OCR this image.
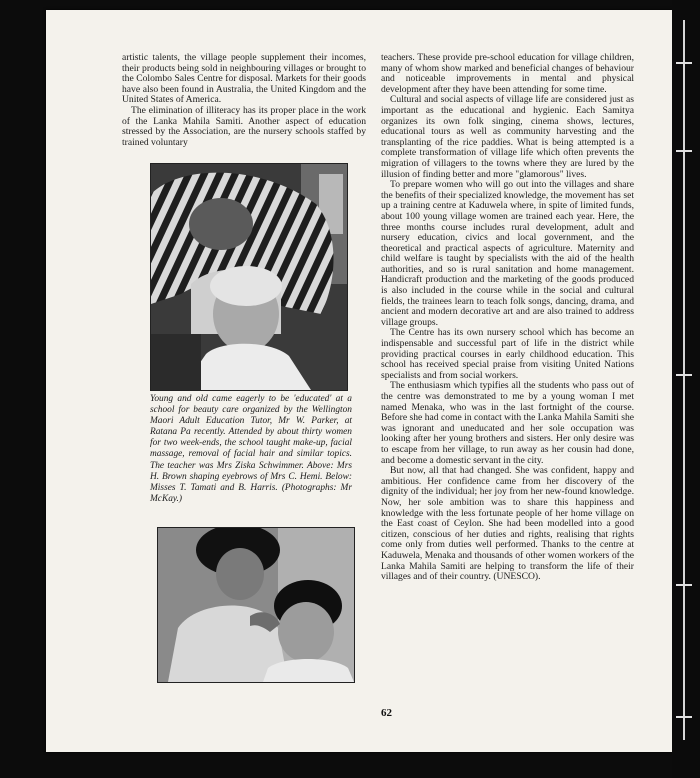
artistic talents, the village people supplement their incomes, their products being sold in neighbouring villages or brought to the Colombo Sales Centre for disposal. Markets for their goods have also been found in Australia, the United Kingdom and the United States of America.

The elimination of illiteracy has its proper place in the work of the Lanka Mahila Samiti. Another aspect of education stressed by the Association, are the nursery schools staffed by trained voluntary

Young and old came eagerly to be 'educated' at a school for beauty care organized by the Wellington Maori Adult Education Tutor, Mr W. Parker, at Ratana Pa recently. Attended by about thirty women for two week-ends, the school taught make-up, facial massage, removal of facial hair and similar topics. The teacher was Mrs Ziska Schwimmer. Above: Mrs H. Brown shaping eyebrows of Mrs C. Hemi. Below: Misses T. Tamati and B. Harris. (Photographs: Mr McKay.)

teachers. These provide pre-school education for village children, many of whom show marked and beneficial changes of behaviour and noticeable improvements in mental and physical development after they have been attending for some time.

Cultural and social aspects of village life are considered just as important as the educational and hygienic. Each Samitya organizes its own folk singing, cinema shows, lectures, educational tours as well as community harvesting and the transplanting of the rice paddies. What is being attempted is a complete transformation of village life which often prevents the migration of villagers to the towns where they are lured by the illusion of finding better and more "glamorous" lives.

To prepare women who will go out into the villages and share the benefits of their specialized knowledge, the movement has set up a training centre at Kaduwela where, in spite of limited funds, about 100 young village women are trained each year. Here, the three months course includes rural development, adult and nursery education, civics and local government, and the theoretical and practical aspects of agriculture. Maternity and child welfare is taught by specialists with the aid of the health authorities, and so is rural sanitation and home management. Handicraft production and the marketing of the goods produced is also included in the course while in the social and cultural fields, the trainees learn to teach folk songs, dancing, drama, and ancient and modern decorative art and are also trained to address village groups.

The Centre has its own nursery school which has become an indispensable and successful part of life in the district while providing practical courses in early childhood education. This school has received special praise from visiting United Nations specialists and from social workers.

The enthusiasm which typifies all the students who pass out of the centre was demonstrated to me by a young woman I met named Menaka, who was in the last fortnight of the course. Before she had come in contact with the Lanka Mahila Samiti she was ignorant and uneducated and her sole occupation was looking after her young brothers and sisters. Her only desire was to escape from her village, to run away as her cousin had done, and become a domestic servant in the city.

But now, all that had changed. She was confident, happy and ambitious. Her confidence came from her discovery of the dignity of the individual; her joy from her new-found knowledge. Now, her sole ambition was to share this happiness and knowledge with the less fortunate people of her home village on the East coast of Ceylon. She had been modelled into a good citizen, conscious of her duties and rights, realising that rights come only from duties well performed. Thanks to the centre at Kaduwela, Menaka and thousands of other women workers of the Lanka Mahila Samiti are helping to transform the life of their villages and of their country. (UNESCO).

62
